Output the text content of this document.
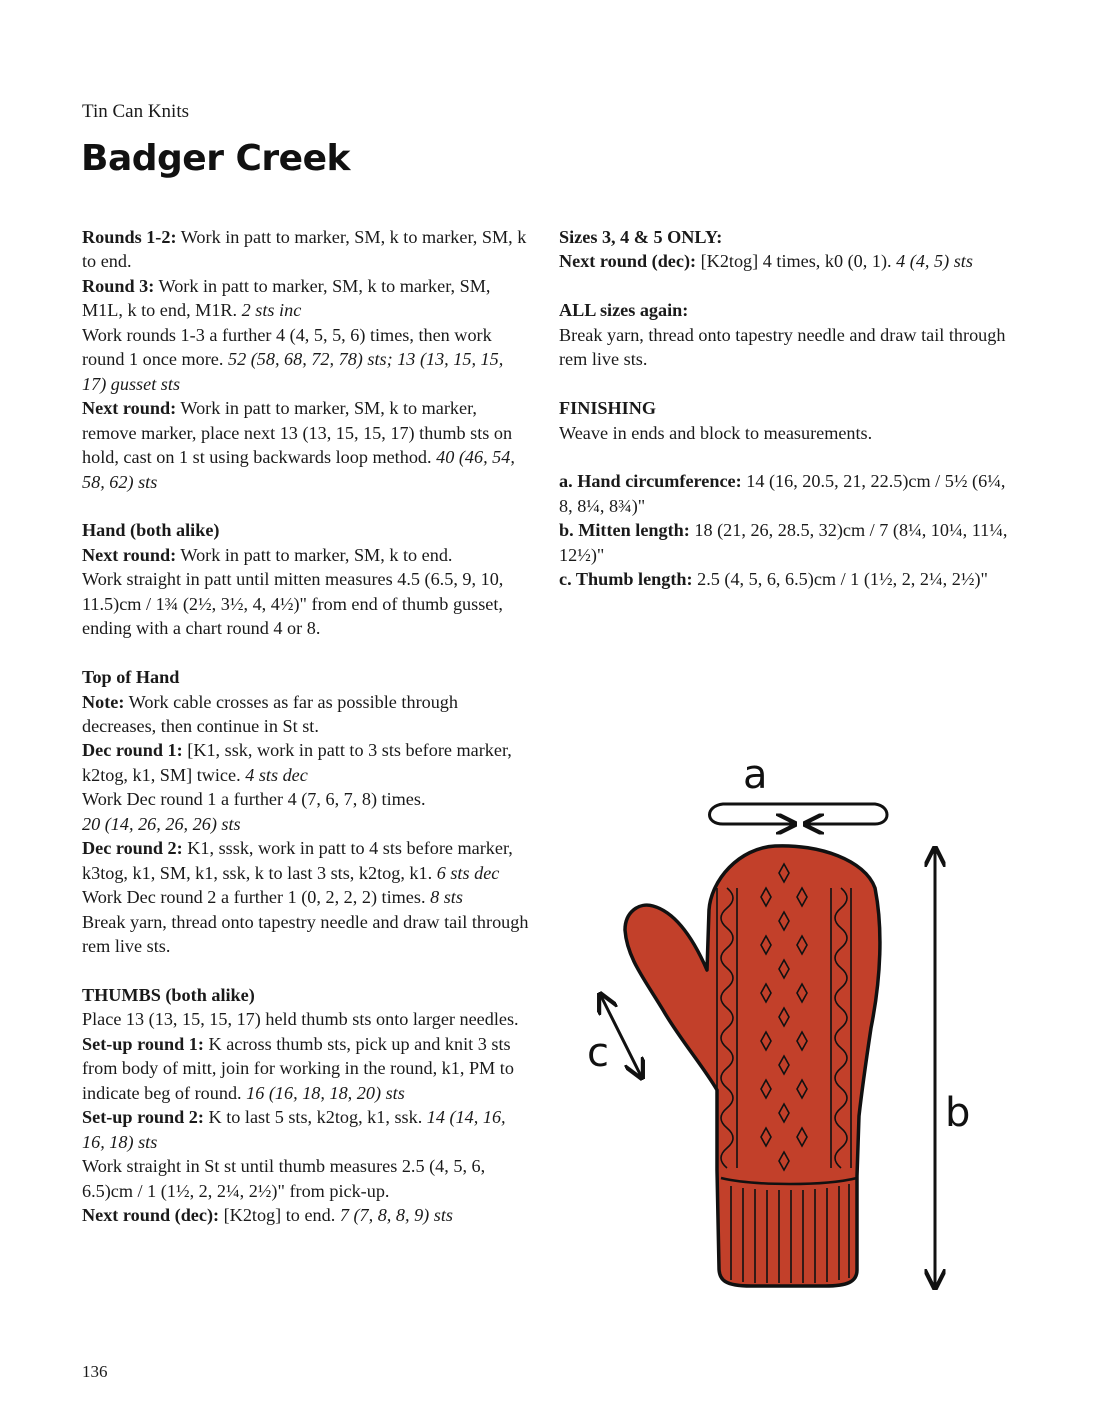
Tin Can Knits
Badger Creek

Rounds 1-2: Work in patt to marker, SM, k to marker, SM, k to end.

Round 3: Work in patt to marker, SM, k to marker, SM, M1L, k to end, M1R. 2 sts inc

Work rounds 1-3 a further 4 (4, 5, 5, 6) times, then work round 1 once more. 52 (58, 68, 72, 78) sts; 13 (13, 15, 15, 17) gusset sts

Next round: Work in patt to marker, SM, k to marker, remove marker, place next 13 (13, 15, 15, 17) thumb sts on hold, cast on 1 st using backwards loop method. 40 (46, 54, 58, 62) sts

Hand (both alike)

Next round: Work in patt to marker, SM, k to end.

Work straight in patt until mitten measures 4.5 (6.5, 9, 10, 11.5)cm / 1¾ (2½, 3½, 4, 4½)" from end of thumb gusset, ending with a chart round 4 or 8.

Top of Hand

Note: Work cable crosses as far as possible through decreases, then continue in St st.

Dec round 1: [K1, ssk, work in patt to 3 sts before marker, k2tog, k1, SM] twice. 4 sts dec

Work Dec round 1 a further 4 (7, 6, 7, 8) times.

20 (14, 26, 26, 26) sts

Dec round 2: K1, sssk, work in patt to 4 sts before marker, k3tog, k1, SM, k1, ssk, k to last 3 sts, k2tog, k1. 6 sts dec

Work Dec round 2 a further 1 (0, 2, 2, 2) times. 8 sts

Break yarn, thread onto tapestry needle and draw tail through rem live sts.

THUMBS (both alike)

Place 13 (13, 15, 15, 17) held thumb sts onto larger needles.

Set-up round 1: K across thumb sts, pick up and knit 3 sts from body of mitt, join for working in the round, k1, PM to indicate beg of round. 16 (16, 18, 18, 20) sts

Set-up round 2: K to last 5 sts, k2tog, k1, ssk. 14 (14, 16, 16, 18) sts

Work straight in St st until thumb measures 2.5 (4, 5, 6, 6.5)cm / 1 (1½, 2, 2¼, 2½)" from pick-up.

Next round (dec): [K2tog] to end. 7 (7, 8, 8, 9) sts

Sizes 3, 4 & 5 ONLY:

Next round (dec): [K2tog] 4 times, k0 (0, 1). 4 (4, 5) sts

ALL sizes again:

Break yarn, thread onto tapestry needle and draw tail through rem live sts.

FINISHING

Weave in ends and block to measurements.

a. Hand circumference: 14 (16, 20.5, 21, 22.5)cm / 5½ (6¼, 8, 8¼, 8¾)"

b. Mitten length: 18 (21, 26, 28.5, 32)cm / 7 (8¼, 10¼, 11¼, 12½)"

c. Thumb length: 2.5 (4, 5, 6, 6.5)cm / 1 (1½, 2, 2¼, 2½)"

a
b
c
136
